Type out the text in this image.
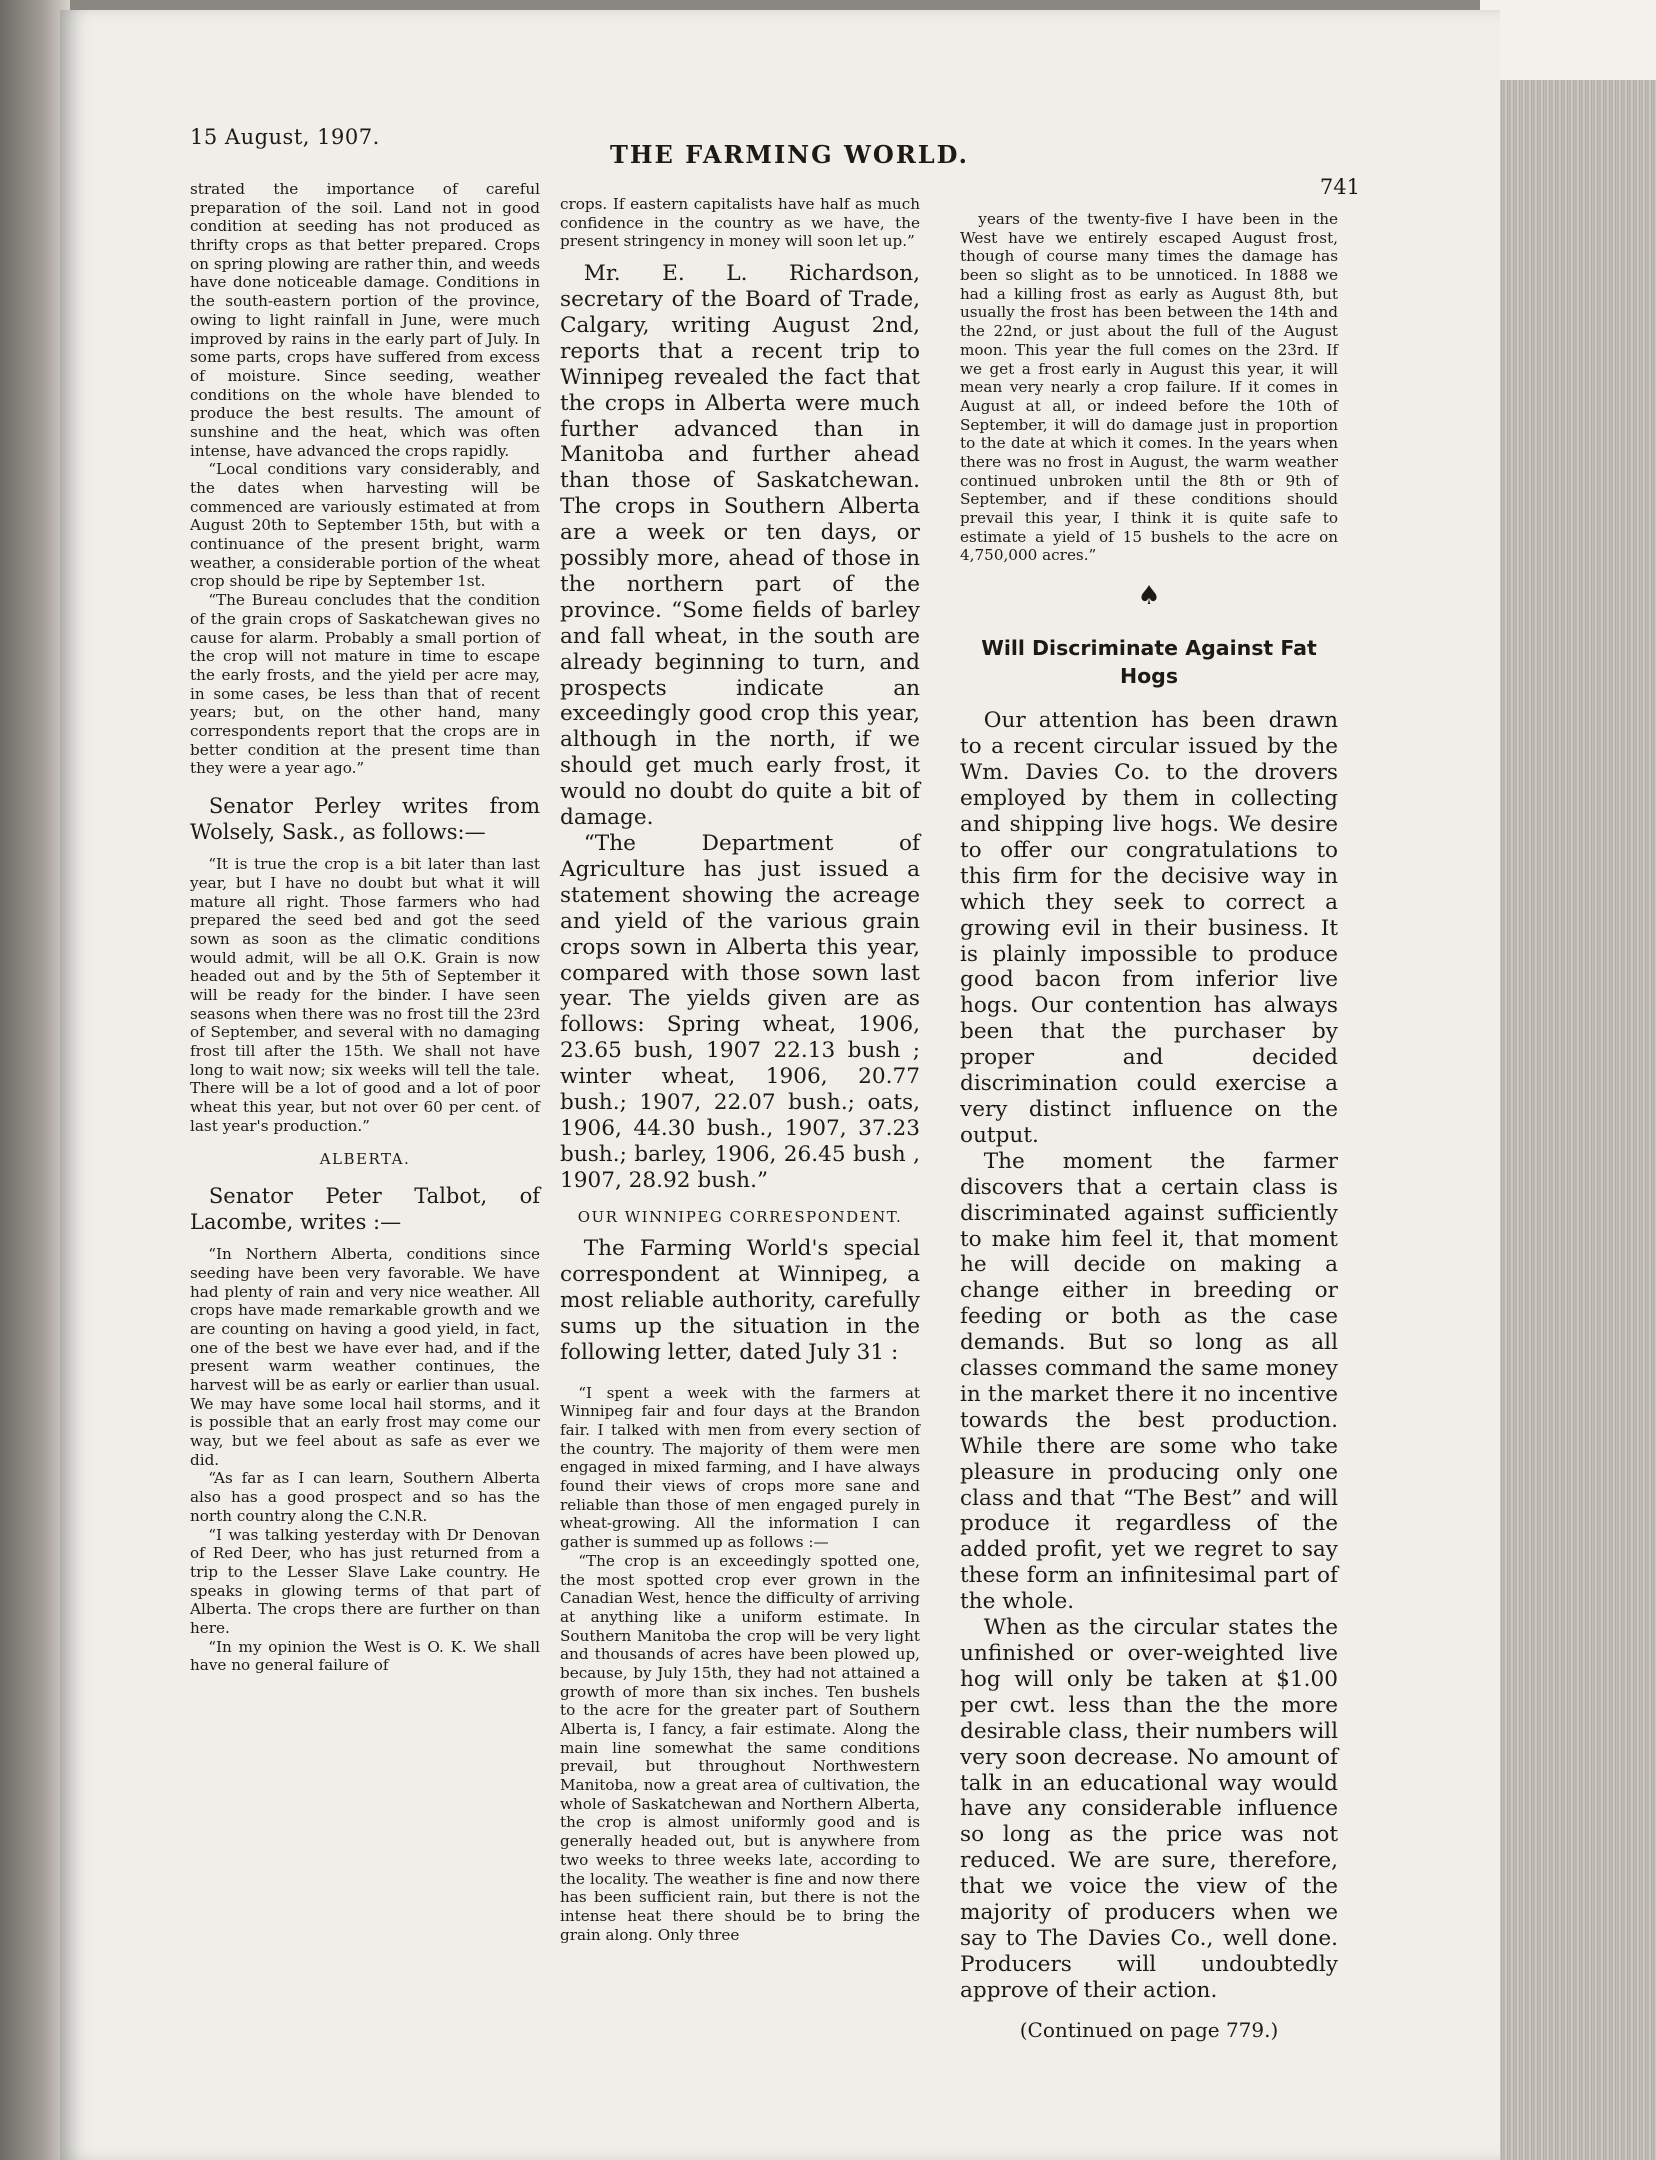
15 August, 1907.
THE FARMING WORLD.
741

strated the importance of careful preparation of the soil. Land not in good condition at seeding has not produced as thrifty crops as that better prepared. Crops on spring plowing are rather thin, and weeds have done noticeable damage. Conditions in the south-eastern portion of the province, owing to light rainfall in June, were much improved by rains in the early part of July. In some parts, crops have suffered from excess of moisture. Since seeding, weather conditions on the whole have blended to produce the best results. The amount of sunshine and the heat, which was often intense, have advanced the crops rapidly.

“Local conditions vary considerably, and the dates when harvesting will be commenced are variously estimated at from August 20th to September 15th, but with a continuance of the present bright, warm weather, a considerable portion of the wheat crop should be ripe by September 1st.

“The Bureau concludes that the condition of the grain crops of Saskatchewan gives no cause for alarm. Probably a small portion of the crop will not mature in time to escape the early frosts, and the yield per acre may, in some cases, be less than that of recent years; but, on the other hand, many correspondents report that the crops are in better condition at the present time than they were a year ago.”

Senator Perley writes from Wolsely, Sask., as follows:—

“It is true the crop is a bit later than last year, but I have no doubt but what it will mature all right. Those farmers who had prepared the seed bed and got the seed sown as soon as the climatic conditions would admit, will be all O.K. Grain is now headed out and by the 5th of September it will be ready for the binder. I have seen seasons when there was no frost till the 23rd of September, and several with no damaging frost till after the 15th. We shall not have long to wait now; six weeks will tell the tale. There will be a lot of good and a lot of poor wheat this year, but not over 60 per cent. of last year's production.”

ALBERTA.

Senator Peter Talbot, of Lacombe, writes :—

“In Northern Alberta, conditions since seeding have been very favorable. We have had plenty of rain and very nice weather. All crops have made remarkable growth and we are counting on having a good yield, in fact, one of the best we have ever had, and if the present warm weather continues, the harvest will be as early or earlier than usual. We may have some local hail storms, and it is possible that an early frost may come our way, but we feel about as safe as ever we did.

“As far as I can learn, Southern Alberta also has a good prospect and so has the north country along the C.N.R.

“I was talking yesterday with Dr Denovan of Red Deer, who has just returned from a trip to the Lesser Slave Lake country. He speaks in glowing terms of that part of Alberta. The crops there are further on than here.

“In my opinion the West is O. K. We shall have no general failure of

crops. If eastern capitalists have half as much confidence in the country as we have, the present stringency in money will soon let up.”

Mr. E. L. Richardson, secretary of the Board of Trade, Calgary, writing August 2nd, reports that a recent trip to Winnipeg revealed the fact that the crops in Alberta were much further advanced than in Manitoba and further ahead than those of Saskatchewan. The crops in Southern Alberta are a week or ten days, or possibly more, ahead of those in the northern part of the province. “Some fields of barley and fall wheat, in the south are already beginning to turn, and prospects indicate an exceedingly good crop this year, although in the north, if we should get much early frost, it would no doubt do quite a bit of damage.

“The Department of Agriculture has just issued a statement showing the acreage and yield of the various grain crops sown in Alberta this year, compared with those sown last year. The yields given are as follows: Spring wheat, 1906, 23.65 bush, 1907 22.13 bush ; winter wheat, 1906, 20.77 bush.; 1907, 22.07 bush.; oats, 1906, 44.30 bush., 1907, 37.23 bush.; barley, 1906, 26.45 bush , 1907, 28.92 bush.”

OUR WINNIPEG CORRESPONDENT.

The Farming World's special correspondent at Winnipeg, a most reliable authority, carefully sums up the situation in the following letter, dated July 31 :

“I spent a week with the farmers at Winnipeg fair and four days at the Brandon fair. I talked with men from every section of the country. The majority of them were men engaged in mixed farming, and I have always found their views of crops more sane and reliable than those of men engaged purely in wheat-growing. All the information I can gather is summed up as follows :—

“The crop is an exceedingly spotted one, the most spotted crop ever grown in the Canadian West, hence the difficulty of arriving at anything like a uniform estimate. In Southern Manitoba the crop will be very light and thousands of acres have been plowed up, because, by July 15th, they had not attained a growth of more than six inches. Ten bushels to the acre for the greater part of Southern Alberta is, I fancy, a fair estimate. Along the main line somewhat the same conditions prevail, but throughout Northwestern Manitoba, now a great area of cultivation, the whole of Saskatchewan and Northern Alberta, the crop is almost uniformly good and is generally headed out, but is anywhere from two weeks to three weeks late, according to the locality. The weather is fine and now there has been sufficient rain, but there is not the intense heat there should be to bring the grain along. Only three

years of the twenty-five I have been in the West have we entirely escaped August frost, though of course many times the damage has been so slight as to be unnoticed. In 1888 we had a killing frost as early as August 8th, but usually the frost has been between the 14th and the 22nd, or just about the full of the August moon. This year the full comes on the 23rd. If we get a frost early in August this year, it will mean very nearly a crop failure. If it comes in August at all, or indeed before the 10th of September, it will do damage just in proportion to the date at which it comes. In the years when there was no frost in August, the warm weather continued unbroken until the 8th or 9th of September, and if these conditions should prevail this year, I think it is quite safe to estimate a yield of 15 bushels to the acre on 4,750,000 acres.”

♠
Will Discriminate Against Fat
Hogs

Our attention has been drawn to a recent circular issued by the Wm. Davies Co. to the drovers employed by them in collecting and shipping live hogs. We desire to offer our congratulations to this firm for the decisive way in which they seek to correct a growing evil in their business. It is plainly impossible to produce good bacon from inferior live hogs. Our contention has always been that the purchaser by proper and decided discrimination could exercise a very distinct influence on the output.

The moment the farmer discovers that a certain class is discriminated against sufficiently to make him feel it, that moment he will decide on making a change either in breeding or feeding or both as the case demands. But so long as all classes command the same money in the market there it no incentive towards the best production. While there are some who take pleasure in producing only one class and that “The Best” and will produce it regardless of the added profit, yet we regret to say these form an infinitesimal part of the whole.

When as the circular states the unfinished or over-weighted live hog will only be taken at $1.00 per cwt. less than the the more desirable class, their numbers will very soon decrease. No amount of talk in an educational way would have any considerable influence so long as the price was not reduced. We are sure, therefore, that we voice the view of the majority of producers when we say to The Davies Co., well done. Producers will undoubtedly approve of their action.

(Continued on page 779.)
